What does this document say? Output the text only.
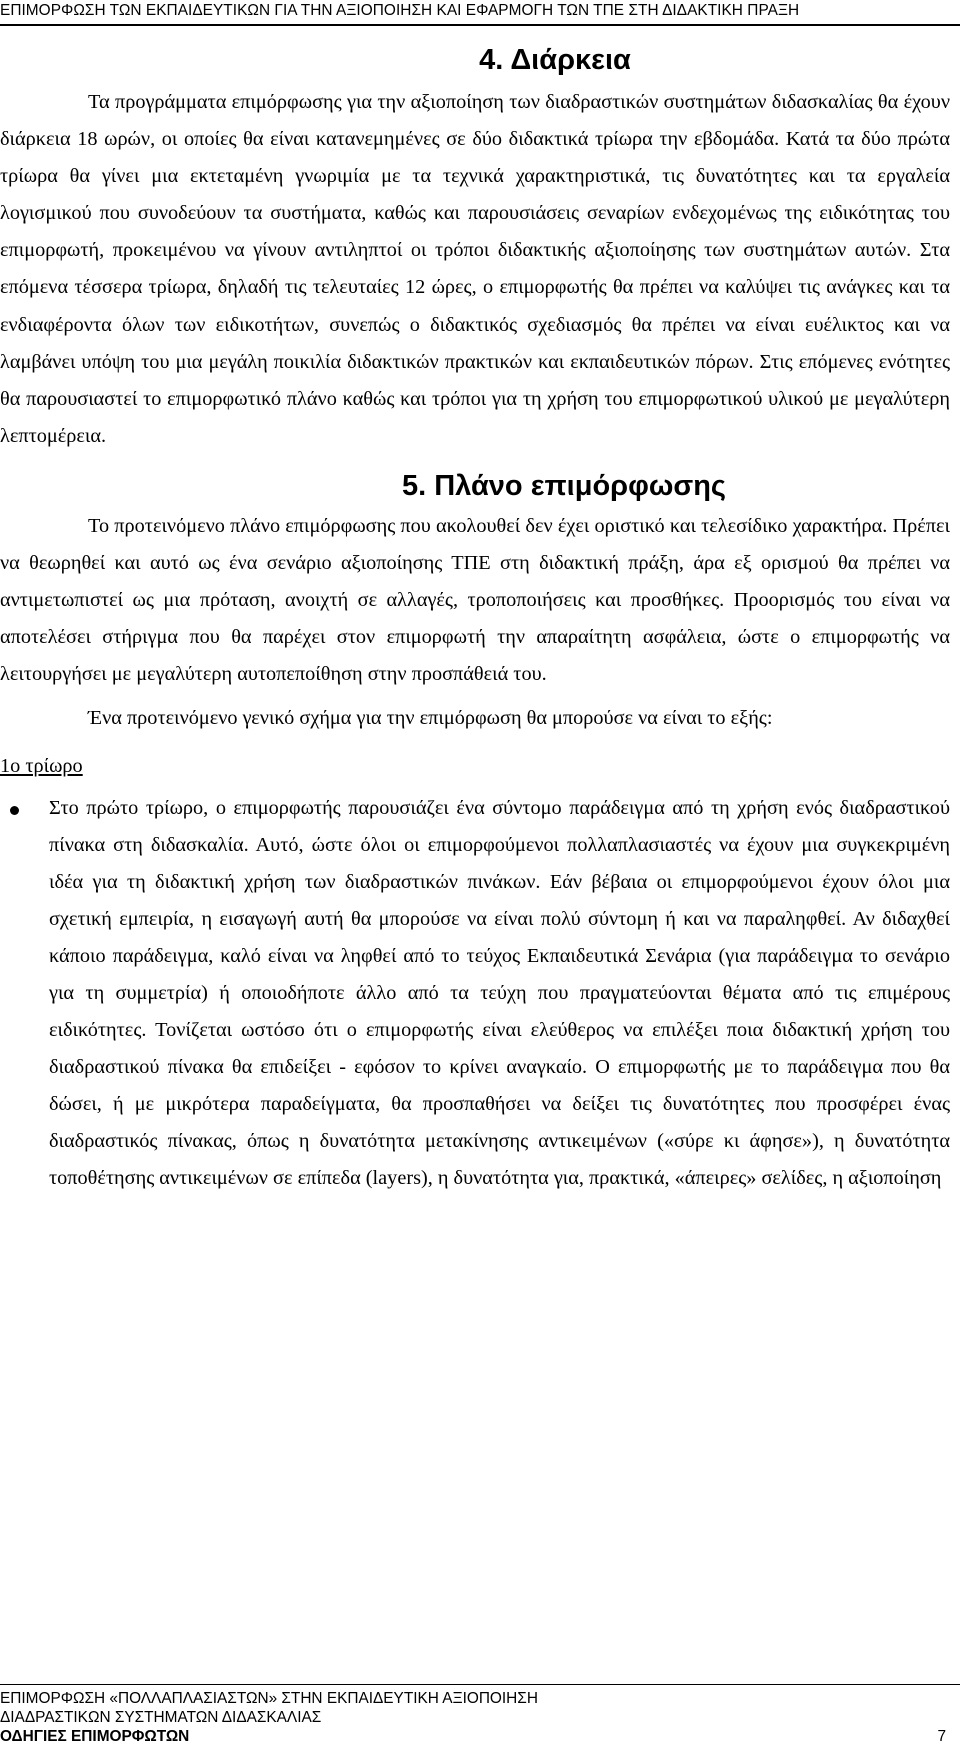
ΕΠΙΜΟΡΦΩΣΗ ΤΩΝ ΕΚΠΑΙΔΕΥΤΙΚΩΝ ΓΙΑ ΤΗΝ ΑΞΙΟΠΟΙΗΣΗ ΚΑΙ ΕΦΑΡΜΟΓΗ ΤΩΝ ΤΠΕ ΣΤΗ ΔΙΔΑΚΤΙΚΗ ΠΡΑΞΗ
4. Διάρκεια

Τα προγράμματα επιμόρφωσης για την αξιοποίηση των διαδραστικών συστημάτων διδασκαλίας θα έχουν διάρκεια 18 ωρών, οι οποίες θα είναι κατανεμημένες σε δύο διδακτικά τρίωρα την εβδομάδα. Κατά τα δύο πρώτα τρίωρα θα γίνει μια εκτεταμένη γνωριμία με τα τεχνικά χαρακτηριστικά, τις δυνατότητες και τα εργαλεία λογισμικού που συνοδεύουν τα συστήματα, καθώς και παρουσιάσεις σεναρίων ενδεχομένως της ειδικότητας του επιμορφωτή, προκειμένου να γίνουν αντιληπτοί οι τρόποι διδακτικής αξιοποίησης των συστημάτων αυτών. Στα επόμενα τέσσερα τρίωρα, δηλαδή τις τελευταίες 12 ώρες, ο επιμορφωτής θα πρέπει να καλύψει τις ανάγκες και τα ενδιαφέροντα όλων των ειδικοτήτων, συνεπώς ο διδακτικός σχεδιασμός θα πρέπει να είναι ευέλικτος και να λαμβάνει υπόψη του μια μεγάλη ποικιλία διδακτικών πρακτικών και εκπαιδευτικών πόρων. Στις επόμενες ενότητες θα παρουσιαστεί το επιμορφωτικό πλάνο καθώς και τρόποι για τη χρήση του επιμορφωτικού υλικού με μεγαλύτερη λεπτομέρεια.

5. Πλάνο επιμόρφωσης

Το προτεινόμενο πλάνο επιμόρφωσης που ακολουθεί δεν έχει οριστικό και τελεσίδικο χαρακτήρα. Πρέπει να θεωρηθεί και αυτό ως ένα σενάριο αξιοποίησης ΤΠΕ στη διδακτική πράξη, άρα εξ ορισμού θα πρέπει να αντιμετωπιστεί ως μια πρόταση, ανοιχτή σε αλλαγές, τροποποιήσεις και προσθήκες. Προορισμός του είναι να αποτελέσει στήριγμα που θα παρέχει στον επιμορφωτή την απαραίτητη ασφάλεια, ώστε ο επιμορφωτής να λειτουργήσει με μεγαλύτερη αυτοπεποίθηση στην προσπάθειά του.

Ένα προτεινόμενο γενικό σχήμα για την επιμόρφωση θα μπορούσε να είναι το εξής:

1ο τρίωρο

Στο πρώτο τρίωρο, ο επιμορφωτής παρουσιάζει ένα σύντομο παράδειγμα από τη χρήση ενός διαδραστικού πίνακα στη διδασκαλία. Αυτό, ώστε όλοι οι επιμορφούμενοι πολλαπλασιαστές να έχουν μια συγκεκριμένη ιδέα για τη διδακτική χρήση των διαδραστικών πινάκων. Εάν βέβαια οι επιμορφούμενοι έχουν όλοι μια σχετική εμπειρία, η εισαγωγή αυτή θα μπορούσε να είναι πολύ σύντομη ή και να παραληφθεί. Αν διδαχθεί κάποιο παράδειγμα, καλό είναι να ληφθεί από το τεύχος Εκπαιδευτικά Σενάρια (για παράδειγμα το σενάριο για τη συμμετρία) ή οποιοδήποτε άλλο από τα τεύχη που πραγματεύονται θέματα από τις επιμέρους ειδικότητες. Τονίζεται ωστόσο ότι ο επιμορφωτής είναι ελεύθερος να επιλέξει ποια διδακτική χρήση του διαδραστικού πίνακα θα επιδείξει - εφόσον το κρίνει αναγκαίο. Ο επιμορφωτής με το παράδειγμα που θα δώσει, ή με μικρότερα παραδείγματα, θα προσπαθήσει να δείξει τις δυνατότητες που προσφέρει ένας διαδραστικός πίνακας, όπως η δυνατότητα μετακίνησης αντικειμένων («σύρε κι άφησε»), η δυνατότητα τοποθέτησης αντικειμένων σε επίπεδα (layers), η δυνατότητα για, πρακτικά, «άπειρες» σελίδες, η αξιοποίηση

ΕΠΙΜΟΡΦΩΣΗ «ΠΟΛΛΑΠΛΑΣΙΑΣΤΩΝ» ΣΤΗΝ ΕΚΠΑΙΔΕΥΤΙΚΗ ΑΞΙΟΠΟΙΗΣΗ
ΔΙΑΔΡΑΣΤΙΚΩΝ ΣΥΣΤΗΜΑΤΩΝ ΔΙΔΑΣΚΑΛΙΑΣ
ΟΔΗΓΙΕΣ ΕΠΙΜΟΡΦΩΤΩΝ	7
